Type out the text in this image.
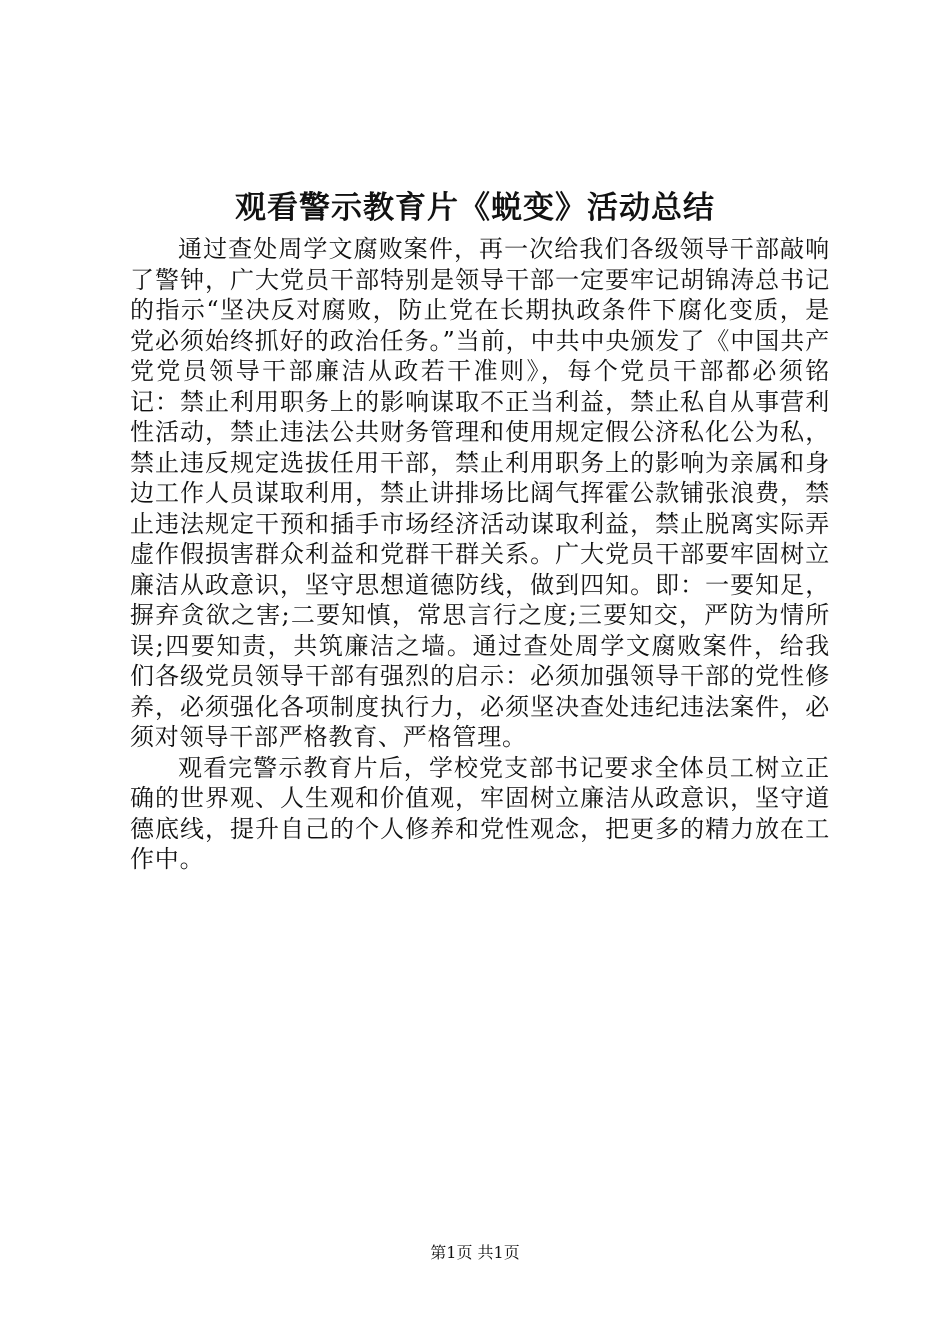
观看警示教育片《蜕变》活动总结

通过查处周学文腐败案件，再一次给我们各级领导干部敲响了警钟，广大党员干部特别是领导干部一定要牢记胡锦涛总书记的指示“坚决反对腐败，防止党在长期执政条件下腐化变质，是党必须始终抓好的政治任务。”当前，中共中央颁发了《中国共产党党员领导干部廉洁从政若干准则》，每个党员干部都必须铭记：禁止利用职务上的影响谋取不正当利益，禁止私自从事营利性活动，禁止违法公共财务管理和使用规定假公济私化公为私，禁止违反规定选拔任用干部，禁止利用职务上的影响为亲属和身边工作人员谋取利用，禁止讲排场比阔气挥霍公款铺张浪费，禁止违法规定干预和插手市场经济活动谋取利益，禁止脱离实际弄虚作假损害群众利益和党群干群关系。广大党员干部要牢固树立廉洁从政意识，坚守思想道德防线，做到四知。即：一要知足，摒弃贪欲之害;二要知慎，常思言行之度;三要知交，严防为情所误;四要知责，共筑廉洁之墙。通过查处周学文腐败案件，给我们各级党员领导干部有强烈的启示：必须加强领导干部的党性修养，必须强化各项制度执行力，必须坚决查处违纪违法案件，必须对领导干部严格教育、严格管理。

观看完警示教育片后，学校党支部书记要求全体员工树立正确的世界观、人生观和价值观，牢固树立廉洁从政意识，坚守道德底线，提升自己的个人修养和党性观念，把更多的精力放在工作中。

第1页 共1页
